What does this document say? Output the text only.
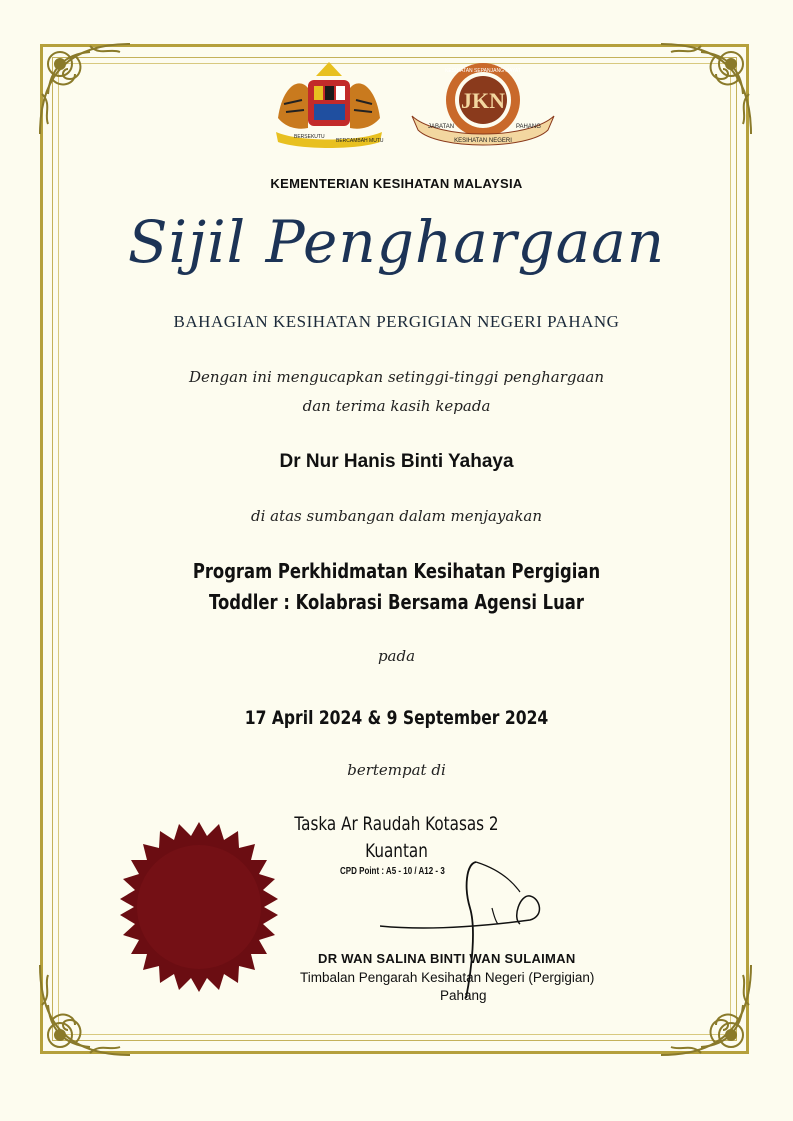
BERSEKUTU
BERCAMBAH MUTU
JKN
KESIHATAN SEPANJANG HAYAT
JABATAN	PAHANG
KESIHATAN NEGERI
KEMENTERIAN KESIHATAN MALAYSIA
Sijil Penghargaan
BAHAGIAN KESIHATAN PERGIGIAN NEGERI PAHANG
Dengan ini mengucapkan setinggi-tinggi penghargaan
dan terima kasih kepada
Dr Nur Hanis Binti Yahaya
di atas sumbangan dalam menjayakan
Program Perkhidmatan Kesihatan Pergigian
Toddler : Kolabrasi Bersama Agensi Luar
pada
17 April 2024 & 9 September 2024
bertempat di
Taska Ar Raudah Kotasas 2
Kuantan
CPD Point : A5 - 10 / A12 - 3
DR WAN SALINA BINTI WAN SULAIMAN
Timbalan Pengarah Kesihatan Negeri (Pergigian)
Pahang
